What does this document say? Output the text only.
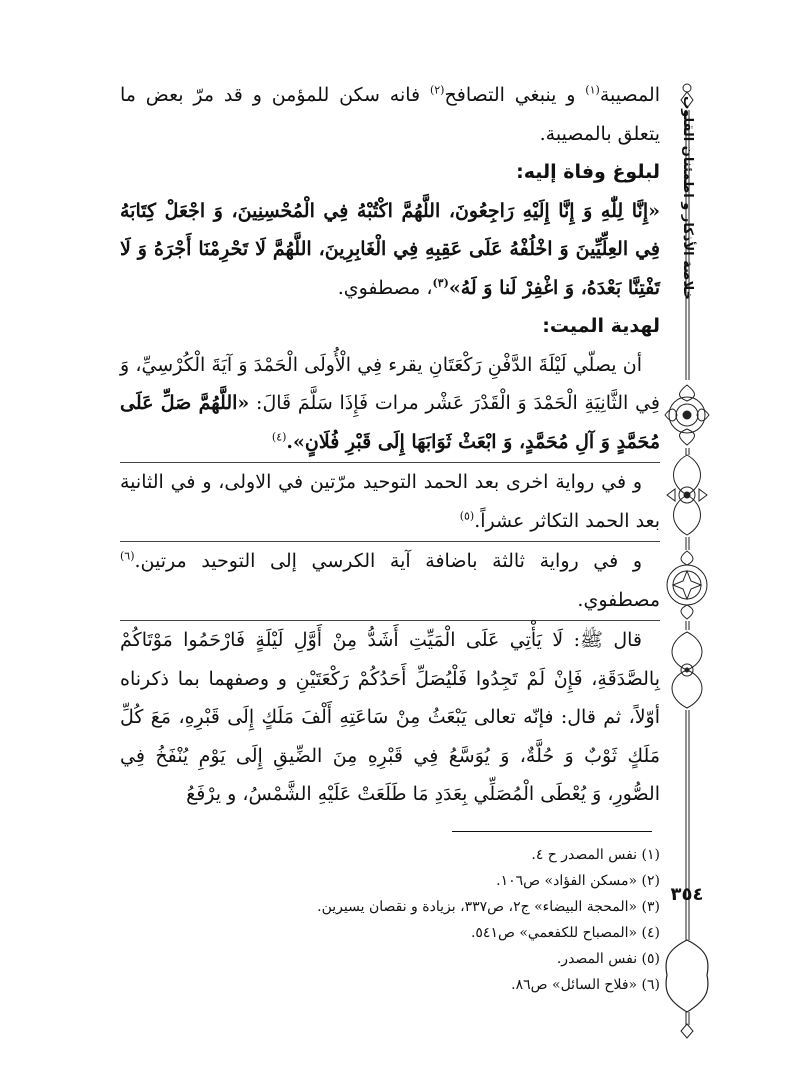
خلاصة الأذكار و اطمئنان القلوب
٣٥٤

المصيبة$^{(١)}$ و ينبغي التصافح$^{(٢)}$ فانه سكن للمؤمن و قد مرّ بعض ما يتعلق بالمصيبة.

لبلوغ وفاة إليه:

«إِنَّا لِلّٰهِ وَ إِنَّا إِلَيْهِ رَاجِعُونَ، اللَّهُمَّ اكْتُبْهُ فِي الْمُحْسِنِينَ، وَ اجْعَلْ كِتَابَهُ فِي العِلِّيِّينَ وَ اخْلُفْهُ عَلَى عَقِبِهِ فِي الْغَابِرِينَ، اللَّهُمَّ لَا تَحْرِمْنَا أَجْرَهُ وَ لَا تَفْتِنَّا بَعْدَهُ، وَ اغْفِرْ لَنا وَ لَهُ»$^{(٣)}$، مصطفوي.

لهدية الميت:

أن يصلّي لَيْلَةَ الدَّفْنِ رَكْعَتَانِ يقرء فِي الْأُولَى الْحَمْدَ وَ آيَةَ الْكُرْسِيِّ، وَ فِي الثَّانِيَةِ الْحَمْدَ وَ الْقَدْرَ عَشْر مرات فَإِذَا سَلَّمَ قَالَ: «اللَّهُمَّ صَلِّ عَلَى مُحَمَّدٍ وَ آلِ مُحَمَّدٍ، وَ ابْعَثْ ثَوَابَهَا إِلَى قَبْرِ فُلَانٍ».$^{(٤)}$

و في رواية اخرى بعد الحمد التوحيد مرّتين في الاولى، و في الثانية بعد الحمد التكاثر عشراً.$^{(٥)}$

و في رواية ثالثة باضافة آية الكرسي إلى التوحيد مرتين.$^{(٦)}$ مصطفوي.

قال ﷺ: لَا يَأْتِي عَلَى الْمَيِّتِ أَشَدُّ مِنْ أَوَّلِ لَيْلَةٍ فَارْحَمُوا مَوْتَاكُمْ بِالصَّدَقَةِ، فَإِنْ لَمْ تَجِدُوا فَلْيُصَلِّ أَحَدُكُمْ رَكْعَتَيْنِ و وصفهما بما ذكرناه أوّلاً، ثم قال: فإنّه تعالى يَبْعَثُ مِنْ سَاعَتِهِ أَلْفَ مَلَكٍ إِلَى قَبْرِهِ، مَعَ كُلِّ مَلَكٍ ثَوْبٌ وَ حُلَّةٌ، وَ يُوَسَّعُ فِي قَبْرِهِ مِنَ الضِّيقِ إِلَى يَوْمِ يُنْفَخُ فِي الصُّورِ، وَ يُعْطَى الْمُصَلِّي بِعَدَدِ مَا طَلَعَتْ عَلَيْهِ الشَّمْسُ، و يرْفَعُ

(١) نفس المصدر ح ٤.
(٢) «مسكن الفؤاد» ص١٠٦.
(٣) «المحجة البيضاء» ج٢، ص٣٣٧، بزيادة و نقصان يسيرين.
(٤) «المصباح للكفعمي» ص٥٤١.
(٥) نفس المصدر.
(٦) «فلاح السائل» ص٨٦.
